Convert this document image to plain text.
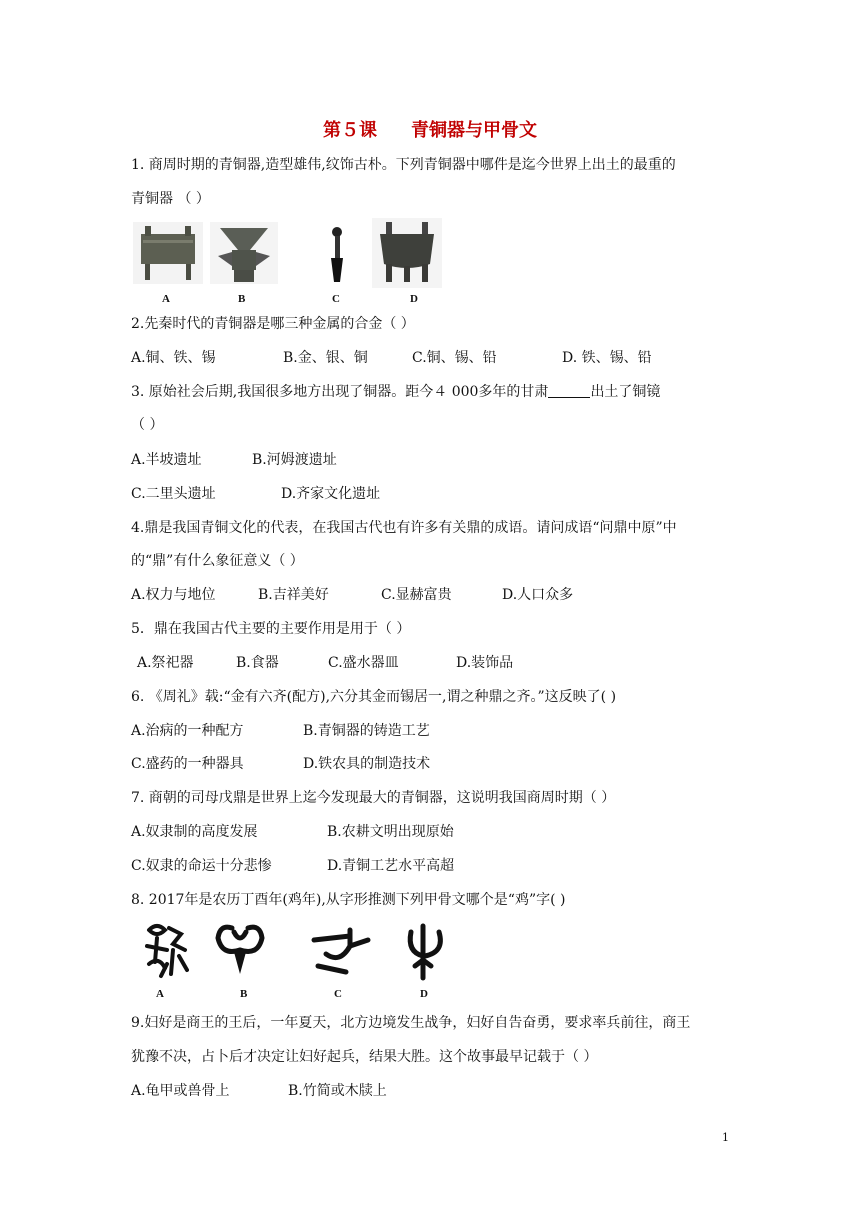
第５课 青铜器与甲骨文
1. 商周时期的青铜器,造型雄伟,纹饰古朴。下列青铜器中哪件是迄今世界上出土的最重的
青铜器 （ ）
A	B	C	D
2.先秦时代的青铜器是哪三种金属的合金（ ）
A.铜、铁、锡	B.金、银、铜	C.铜、锡、铅	D. 铁、锡、铅
3. 原始社会后期,我国很多地方出现了铜器。距今４ 000多年的甘肃	出土了铜镜
（ ）
A.半坡遗址	B.河姆渡遗址
C.二里头遗址	D.齐家文化遗址
4.鼎是我国青铜文化的代表，在我国古代也有许多有关鼎的成语。请问成语“问鼎中原”中
的“鼎”有什么象征意义（ ）
A.权力与地位	B.吉祥美好	C.显赫富贵	D.人口众多
5．鼎在我国古代主要的主要作用是用于（ ）
A.祭祀器	B.食器	C.盛水器皿	D.装饰品
6. 《周礼》载:“金有六齐(配方),六分其金而锡居一,谓之种鼎之齐。”这反映了( )
A.治病的一种配方	B.青铜器的铸造工艺
C.盛药的一种器具	D.铁农具的制造技术
7. 商朝的司母戊鼎是世界上迄今发现最大的青铜器，这说明我国商周时期（ ）
A.奴隶制的高度发展	B.农耕文明出现原始
C.奴隶的命运十分悲惨	D.青铜工艺水平高超
8. 2017年是农历丁酉年(鸡年),从字形推测下列甲骨文哪个是“鸡”字( )
A	B	C	D
9.妇好是商王的王后，一年夏天，北方边境发生战争，妇好自告奋勇，要求率兵前往，商王
犹豫不决，占卜后才决定让妇好起兵，结果大胜。这个故事最早记载于（ ）
A.龟甲或兽骨上	B.竹简或木牍上
1
